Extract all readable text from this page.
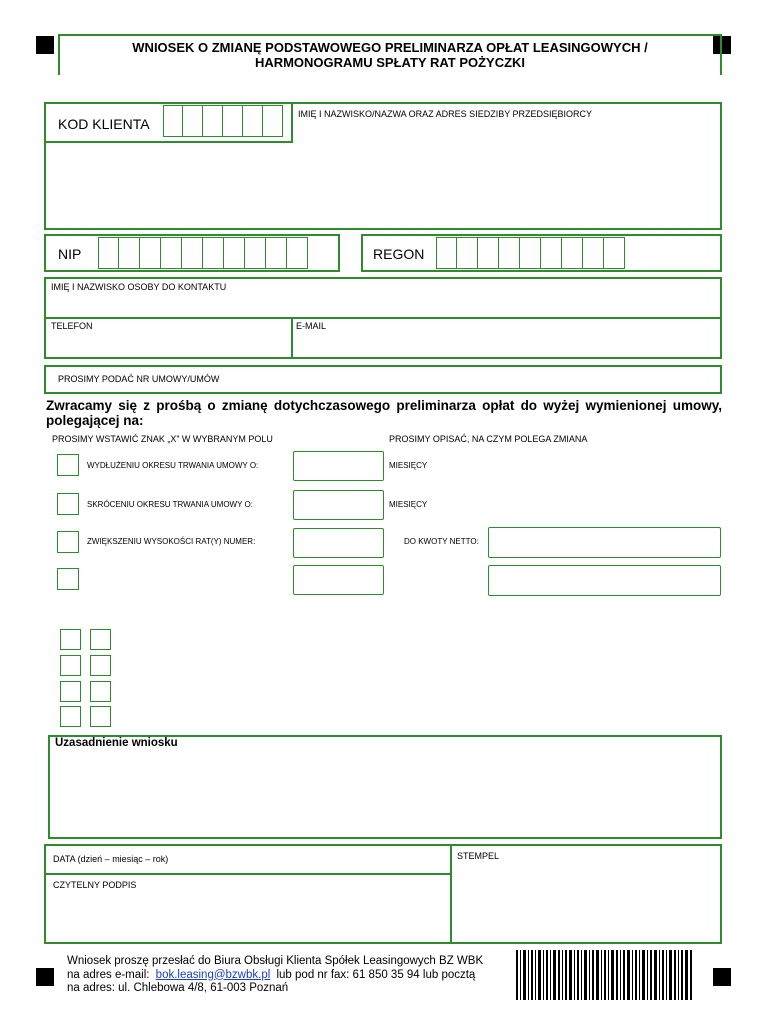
WNIOSEK O ZMIANĘ PODSTAWOWEGO PRELIMINARZA OPŁAT LEASINGOWYCH /
HARMONOGRAMU SPŁATY RAT POŻYCZKI
KOD KLIENTA
IMIĘ I NAZWISKO/NAZWA ORAZ ADRES SIEDZIBY PRZEDSIĘBIORCY
NIP	REGON
IMIĘ I NAZWISKO OSOBY DO KONTAKTU
TELEFON	E-MAIL
PROSIMY PODAĆ NR UMOWY/UMÓW
Zwracamy się z prośbą o zmianę dotychczasowego preliminarza opłat do wyżej wymienionej umowy, polegającej na:
PROSIMY WSTAWIĆ ZNAK „X” W WYBRANYM POLU	PROSIMY OPISAĆ, NA CZYM POLEGA ZMIANA
WYDŁUŻENIU OKRESU TRWANIA UMOWY O:	MIESIĘCY
SKRÓCENIU OKRESU TRWANIA UMOWY O:	MIESIĘCY
ZWIĘKSZENIU WYSOKOŚCI RAT(Y) NUMER:	DO KWOTY NETTO:
Uzasadnienie wniosku
DATA (dzień – miesiąc – rok)
CZYTELNY PODPIS
STEMPEL
Wniosek proszę przesłać do Biura Obsługi Klienta Spółek Leasingowych BZ WBK
na adres e-mail: bok.leasing@bzwbk.pl lub pod nr fax: 61 850 35 94 lub pocztą
na adres: ul. Chlebowa 4/8, 61-003 Poznań
